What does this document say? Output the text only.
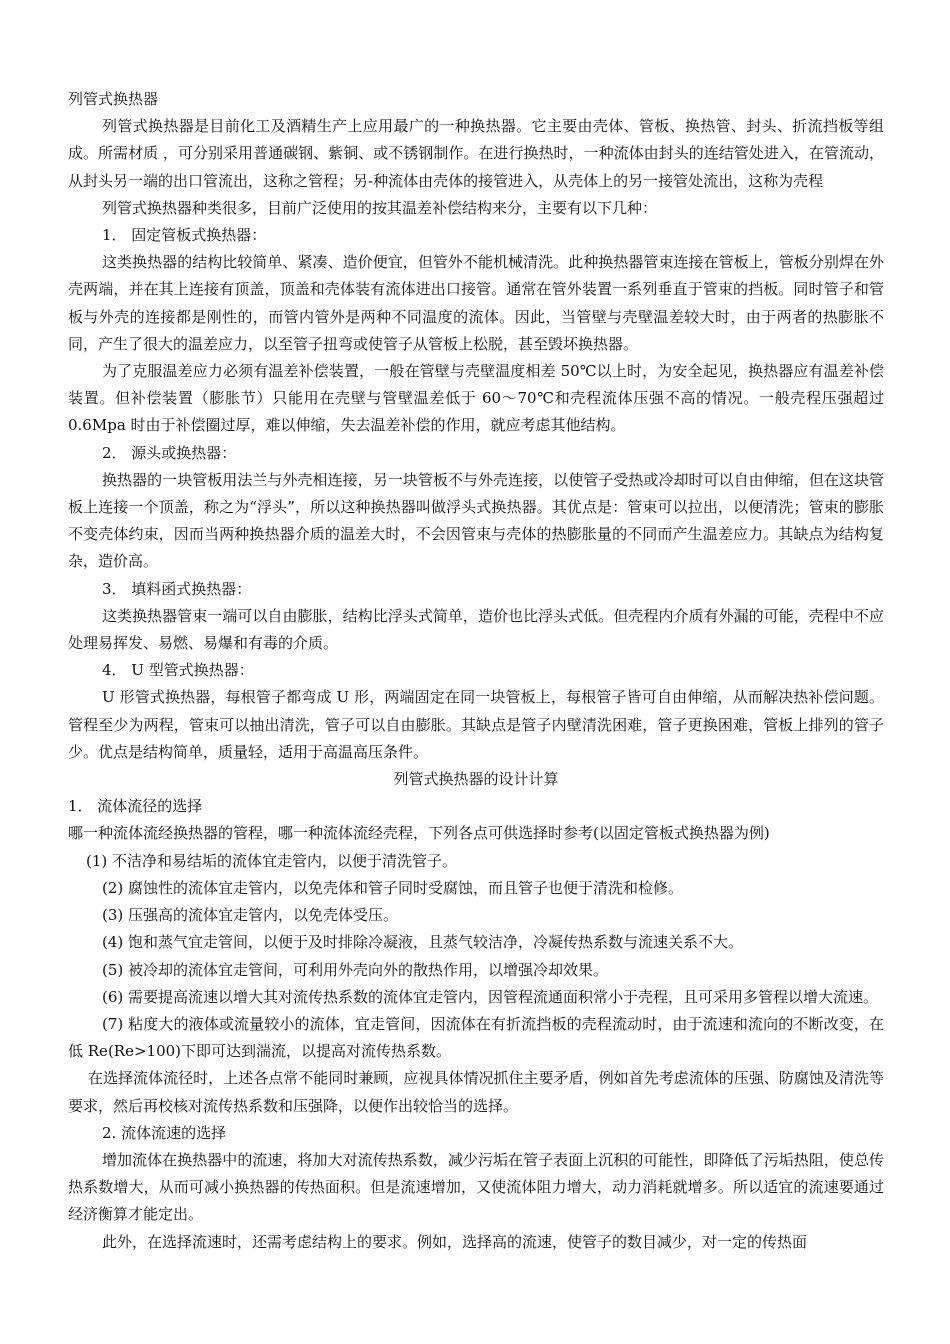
列管式换热器

列管式换热器是目前化工及酒精生产上应用最广的一种换热器。它主要由壳体、管板、换热管、封头、折流挡板等组成。所需材质 ，可分别采用普通碳钢、紫铜、或不锈钢制作。在进行换热时，一种流体由封头的连结管处进入，在管流动，从封头另一端的出口管流出，这称之管程；另-种流体由壳体的接管进入，从壳体上的另一接管处流出，这称为壳程

列管式换热器种类很多，目前广泛使用的按其温差补偿结构来分，主要有以下几种：

1． 固定管板式换热器：

这类换热器的结构比较简单、紧凑、造价便宜，但管外不能机械清洗。此种换热器管束连接在管板上，管板分别焊在外壳两端，并在其上连接有顶盖，顶盖和壳体装有流体进出口接管。通常在管外装置一系列垂直于管束的挡板。同时管子和管板与外壳的连接都是刚性的，而管内管外是两种不同温度的流体。因此，当管壁与壳壁温差较大时，由于两者的热膨胀不同，产生了很大的温差应力，以至管子扭弯或使管子从管板上松脱，甚至毁坏换热器。

为了克服温差应力必须有温差补偿装置，一般在管壁与壳壁温度相差 50℃以上时，为安全起见，换热器应有温差补偿装置。但补偿装置（膨胀节）只能用在壳壁与管壁温差低于 60～70℃和壳程流体压强不高的情况。一般壳程压强超过 0.6Mpa 时由于补偿圈过厚，难以伸缩，失去温差补偿的作用，就应考虑其他结构。

2． 源头或换热器：

换热器的一块管板用法兰与外壳相连接，另一块管板不与外壳连接，以使管子受热或冷却时可以自由伸缩，但在这块管板上连接一个顶盖，称之为“浮头”，所以这种换热器叫做浮头式换热器。其优点是：管束可以拉出，以便清洗；管束的膨胀不变壳体约束，因而当两种换热器介质的温差大时，不会因管束与壳体的热膨胀量的不同而产生温差应力。其缺点为结构复杂，造价高。

3． 填料函式换热器：

这类换热器管束一端可以自由膨胀，结构比浮头式简单，造价也比浮头式低。但壳程内介质有外漏的可能，壳程中不应处理易挥发、易燃、易爆和有毒的介质。

4． U 型管式换热器：

U 形管式换热器，每根管子都弯成 U 形，两端固定在同一块管板上，每根管子皆可自由伸缩，从而解决热补偿问题。管程至少为两程，管束可以抽出清洗，管子可以自由膨胀。其缺点是管子内壁清洗困难，管子更换困难，管板上排列的管子少。优点是结构简单，质量轻，适用于高温高压条件。

列管式换热器的设计计算

1． 流体流径的选择

哪一种流体流经换热器的管程，哪一种流体流经壳程，下列各点可供选择时参考(以固定管板式换热器为例)

(1) 不洁净和易结垢的流体宜走管内，以便于清洗管子。

(2) 腐蚀性的流体宜走管内，以免壳体和管子同时受腐蚀，而且管子也便于清洗和检修。

(3) 压强高的流体宜走管内，以免壳体受压。

(4) 饱和蒸气宜走管间，以便于及时排除冷凝液，且蒸气较洁净，冷凝传热系数与流速关系不大。

(5) 被冷却的流体宜走管间，可利用外壳向外的散热作用，以增强冷却效果。

(6) 需要提高流速以增大其对流传热系数的流体宜走管内，因管程流通面积常小于壳程，且可采用多管程以增大流速。

(7) 粘度大的液体或流量较小的流体，宜走管间，因流体在有折流挡板的壳程流动时，由于流速和流向的不断改变，在低 Re(Re>100)下即可达到湍流，以提高对流传热系数。

在选择流体流径时，上述各点常不能同时兼顾，应视具体情况抓住主要矛盾，例如首先考虑流体的压强、防腐蚀及清洗等要求，然后再校核对流传热系数和压强降，以便作出较恰当的选择。

2. 流体流速的选择

增加流体在换热器中的流速，将加大对流传热系数，减少污垢在管子表面上沉积的可能性，即降低了污垢热阻，使总传热系数增大，从而可减小换热器的传热面积。但是流速增加，又使流体阻力增大，动力消耗就增多。所以适宜的流速要通过经济衡算才能定出。

此外，在选择流速时，还需考虑结构上的要求。例如，选择高的流速，使管子的数目减少，对一定的传热面
